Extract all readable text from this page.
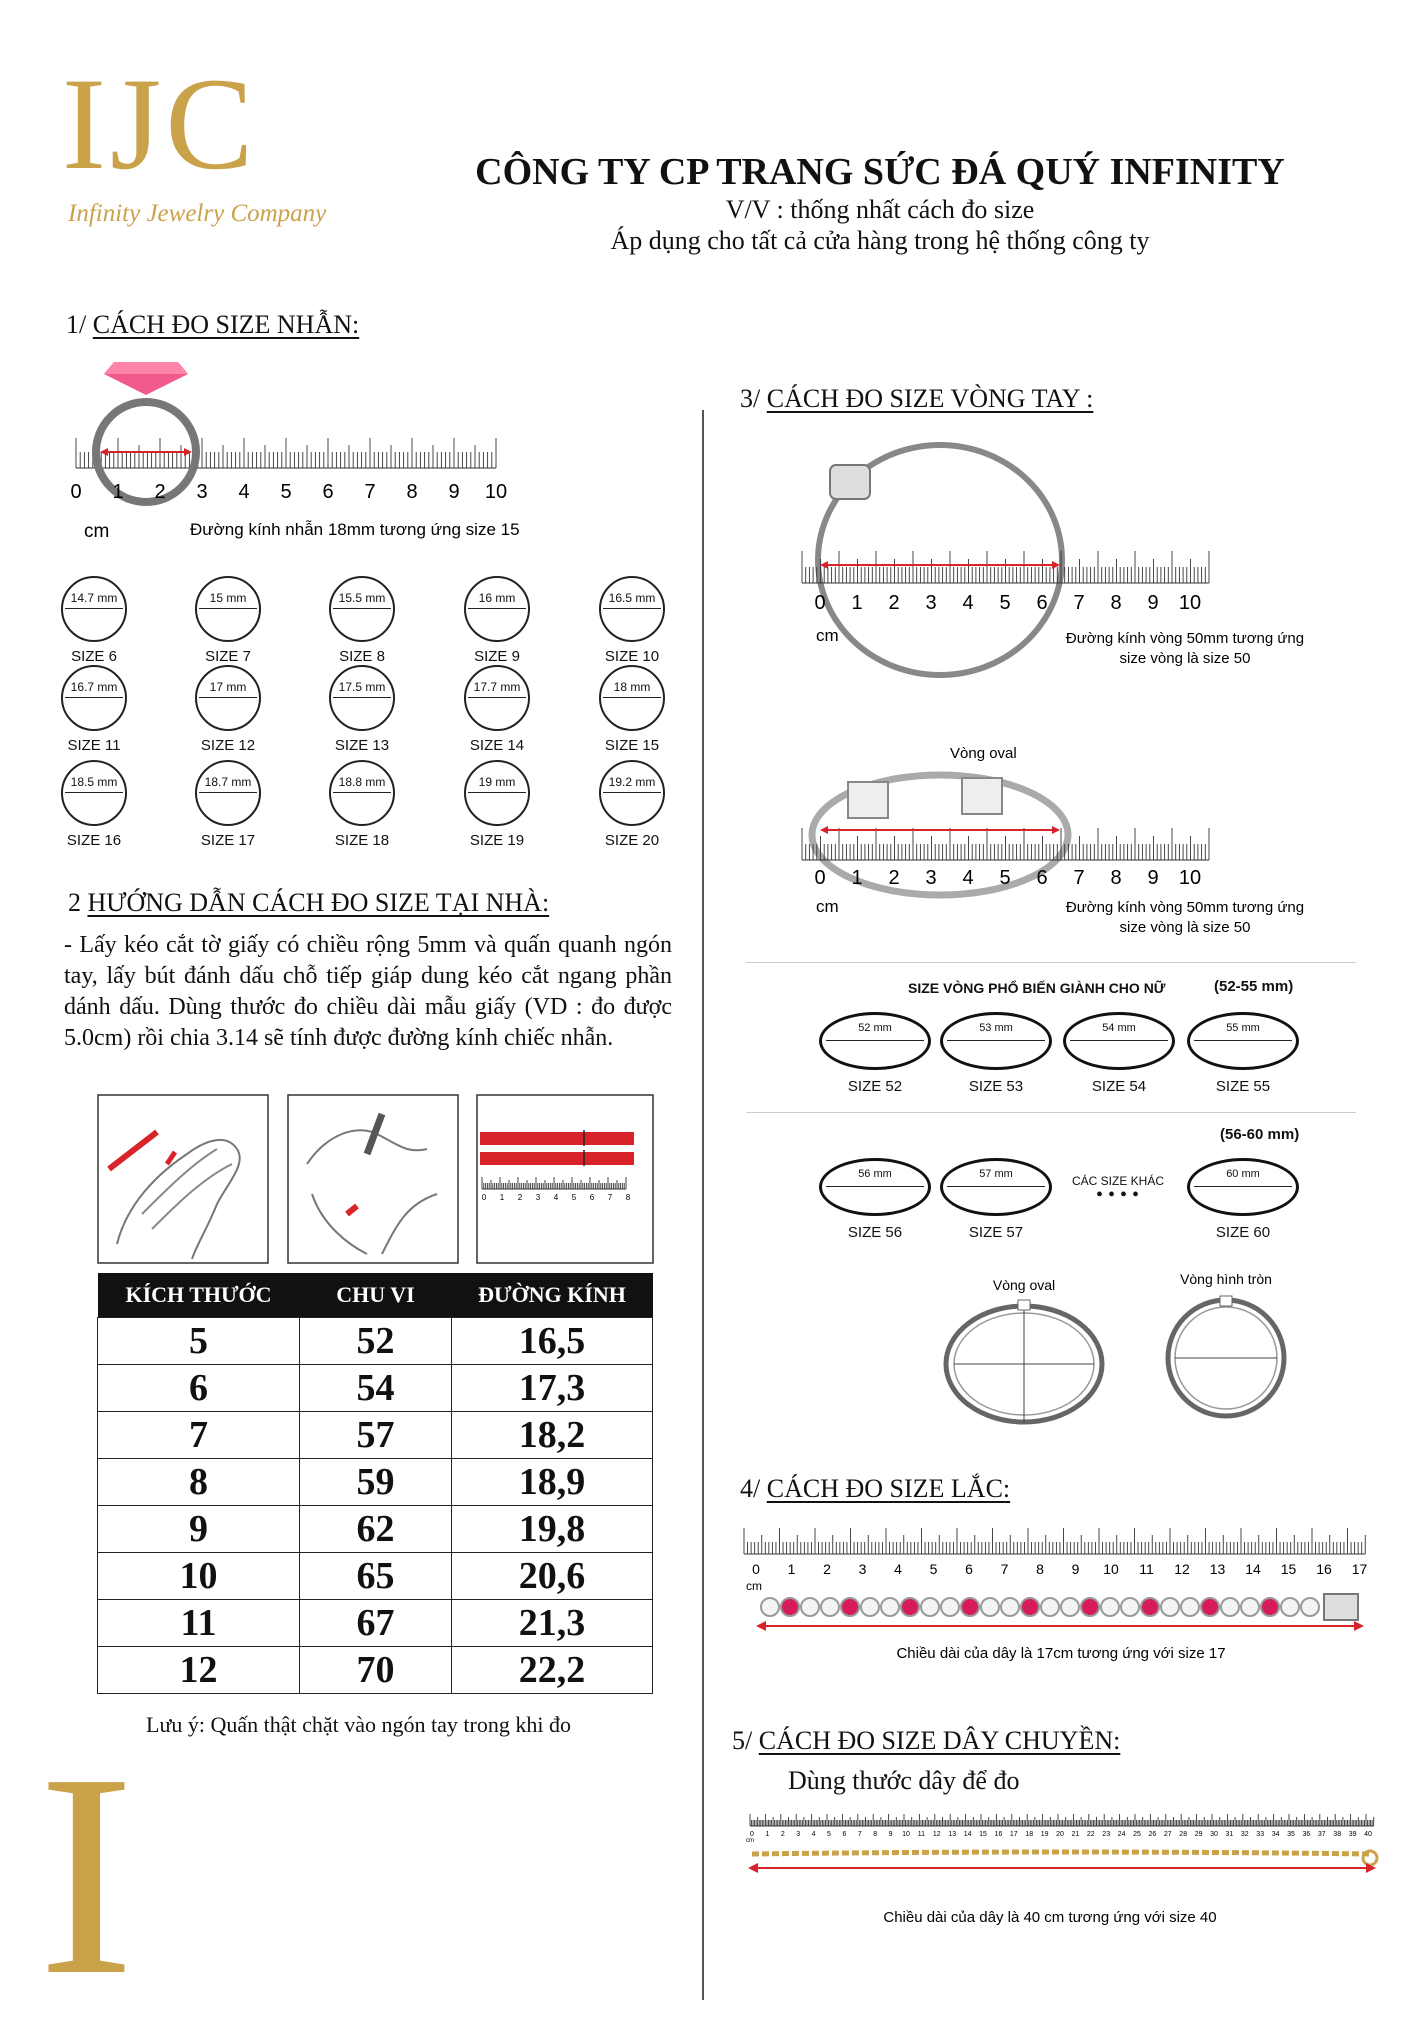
IJC
Infinity Jewelry Company
CÔNG TY CP TRANG SỨC ĐÁ QUÝ INFINITY
V/V : thống nhất cách đo size
Áp dụng cho tất cả cửa hàng trong hệ thống công ty
1/ CÁCH ĐO SIZE NHẪN:
0 1 2 3 4 5 6 7 8 9 10
cm	Đường kính nhẫn 18mm tương ứng size 15
14.7 mm
SIZE 6
15 mm
SIZE 7
15.5 mm
SIZE 8
16 mm
SIZE 9
16.5 mm
SIZE 10
16.7 mm
SIZE 11
17 mm
SIZE 12
17.5 mm
SIZE 13
17.7 mm
SIZE 14
18 mm
SIZE 15
18.5 mm
SIZE 16
18.7 mm
SIZE 17
18.8 mm
SIZE 18
19 mm
SIZE 19
19.2 mm
SIZE 20
2 HƯỚNG DẪN CÁCH ĐO SIZE TẠI NHÀ:
- Lấy kéo cắt tờ giấy có chiều rộng 5mm và quấn quanh ngón tay, lấy bút đánh dấu chỗ tiếp giáp dung kéo cắt ngang phần dánh dấu. Dùng thước đo chiều dài mẫu giấy (VD : đo được 5.0cm) rồi chia 3.14 sẽ tính được đường kính chiếc nhẫn.
0 1 2 3 4 5 6 7 8
KÍCH THƯỚC	CHU VI	ĐƯỜNG KÍNH
5	52	16,5
6	54	17,3
7	57	18,2
8	59	18,9
9	62	19,8
10	65	20,6
11	67	21,3
12	70	22,2
Lưu ý: Quấn thật chặt vào ngón tay trong khi đo
I
3/ CÁCH ĐO SIZE VÒNG TAY :
0 1 2 3 4 5 6 7 8 9 10
cm	Đường kính vòng 50mm tương ứng
size vòng là size 50
Vòng oval
0 1 2 3 4 5 6 7 8 9 10
cm	Đường kính vòng 50mm tương ứng
size vòng là size 50
SIZE VÒNG PHỔ BIẾN GIÀNH CHO NỮ	(52-55 mm)
52 mm
SIZE 52
53 mm
SIZE 53
54 mm
SIZE 54
55 mm
SIZE 55
(56-60 mm)
56 mm
SIZE 56
57 mm
SIZE 57
60 mm
SIZE 60
CÁC SIZE KHÁC
••••
Vòng oval	Vòng hình tròn
4/ CÁCH ĐO SIZE LẮC:
0 1 2 3 4 5 6 7 8 9 10 11 12 13 14 15 16 17
cm
Chiều dài của dây là 17cm tương ứng với size 17
5/ CÁCH ĐO SIZE DÂY CHUYỀN:
Dùng thước dây để đo
0 1 2 3 4 5 6 7 8 9 10 11 12 13 14 15 16 17 18 19 20 21 22 23 24 25 26 27 28 29 30 31 32 33 34 35 36 37 38 39 40
cm
Chiều dài của dây là 40 cm tương ứng với size 40
